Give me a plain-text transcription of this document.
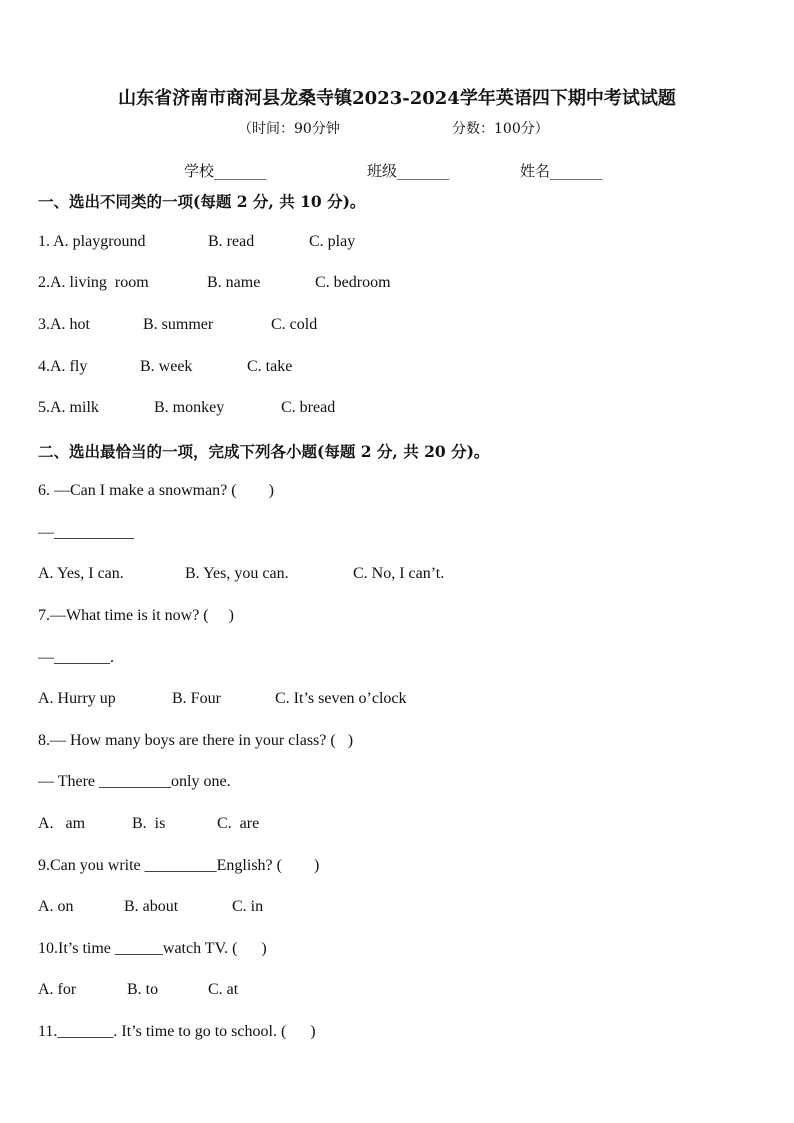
山东省济南市商河县龙桑寺镇2023-2024学年英语四下期中考试试题
（时间：90分钟	分数：100分）
学校_______	班级_______	姓名_______
一、选出不同类的一项(每题 2 分, 共 10 分)。
1. A. playground	B. read	C. play
2.A. living  room	B. name	C. bedroom
3.A. hot	B. summer	C. cold
4.A. fly	B. week	C. take
5.A. milk	B. monkey	C. bread
二、选出最恰当的一项，完成下列各小题(每题 2 分, 共 20 分)。
6. —Can I make a snowman? (        )
—__________
A. Yes, I can.	B. Yes, you can.	C. No, I can’t.
7.—What time is it now? (     )
—_______.
A. Hurry up	B. Four	C. It’s seven o’clock
8.— How many boys are there in your class? (   )
— There _________only one.
A.   am	B.  is	C.  are
9.Can you write _________English? (        )
A. on	B. about	C. in
10.It’s time ______watch TV. (      )
A. for	B. to	C. at
11._______. It’s time to go to school. (      )
